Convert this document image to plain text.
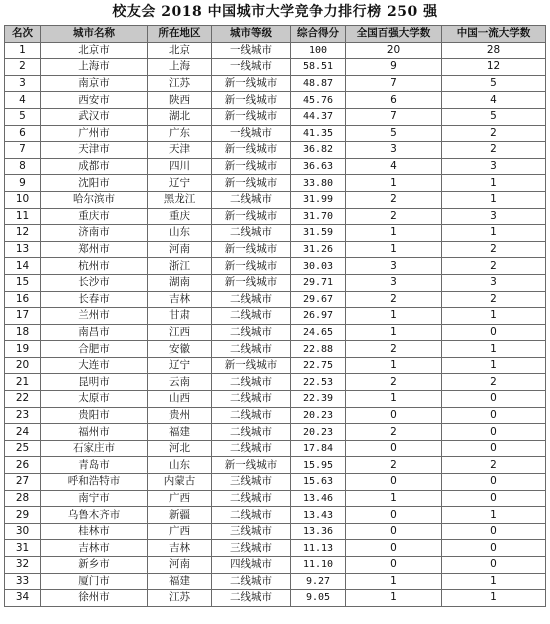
校友会 2018 中国城市大学竞争力排行榜 250 强
名次	城市名称	所在地区	城市等级	综合得分	全国百强大学数	中国一流大学数
1	北京市	北京	一线城市	100	20	28
2	上海市	上海	一线城市	58.51	9	12
3	南京市	江苏	新一线城市	48.87	7	5
4	西安市	陕西	新一线城市	45.76	6	4
5	武汉市	湖北	新一线城市	44.37	7	5
6	广州市	广东	一线城市	41.35	5	2
7	天津市	天津	新一线城市	36.82	3	2
8	成都市	四川	新一线城市	36.63	4	3
9	沈阳市	辽宁	新一线城市	33.80	1	1
10	哈尔滨市	黑龙江	二线城市	31.99	2	1
11	重庆市	重庆	新一线城市	31.70	2	3
12	济南市	山东	二线城市	31.59	1	1
13	郑州市	河南	新一线城市	31.26	1	2
14	杭州市	浙江	新一线城市	30.03	3	2
15	长沙市	湖南	新一线城市	29.71	3	3
16	长春市	吉林	二线城市	29.67	2	2
17	兰州市	甘肃	二线城市	26.97	1	1
18	南昌市	江西	二线城市	24.65	1	0
19	合肥市	安徽	二线城市	22.88	2	1
20	大连市	辽宁	新一线城市	22.75	1	1
21	昆明市	云南	二线城市	22.53	2	2
22	太原市	山西	二线城市	22.39	1	0
23	贵阳市	贵州	二线城市	20.23	0	0
24	福州市	福建	二线城市	20.23	2	0
25	石家庄市	河北	二线城市	17.84	0	0
26	青岛市	山东	新一线城市	15.95	2	2
27	呼和浩特市	内蒙古	三线城市	15.63	0	0
28	南宁市	广西	二线城市	13.46	1	0
29	乌鲁木齐市	新疆	二线城市	13.43	0	1
30	桂林市	广西	三线城市	13.36	0	0
31	吉林市	吉林	三线城市	11.13	0	0
32	新乡市	河南	四线城市	11.10	0	0
33	厦门市	福建	二线城市	9.27	1	1
34	徐州市	江苏	二线城市	9.05	1	1
